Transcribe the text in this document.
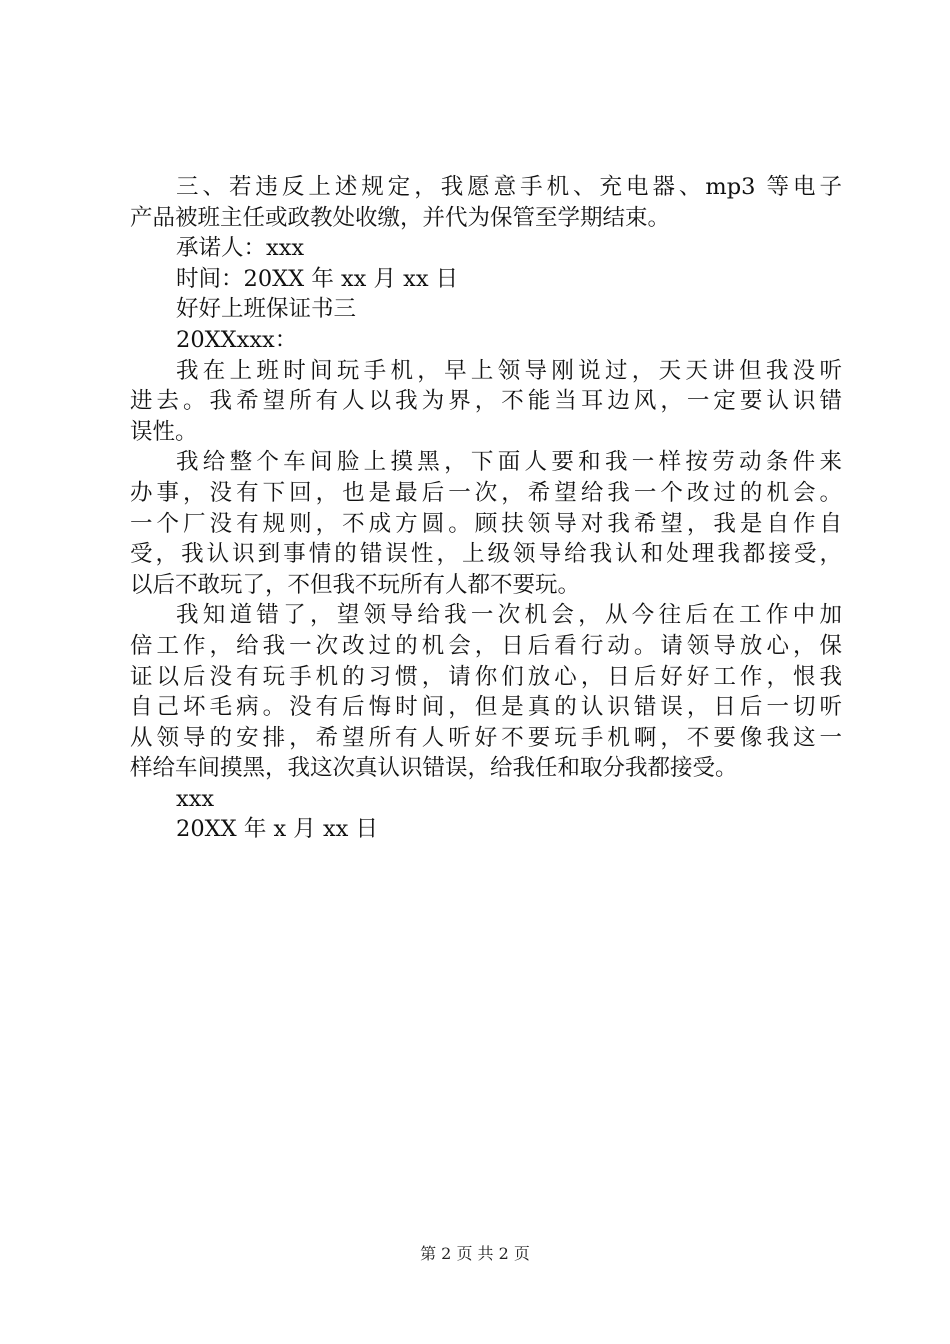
三、若违反上述规定，我愿意手机、充电器、mp3 等电子
产品被班主任或政教处收缴，并代为保管至学期结束。
承诺人：xxx
时间：20XX 年 xx 月 xx 日
好好上班保证书三
20XXxxx：
我在上班时间玩手机，早上领导刚说过，天天讲但我没听
进去。我希望所有人以我为界，不能当耳边风，一定要认识错
误性。
我给整个车间脸上摸黑，下面人要和我一样按劳动条件来
办事，没有下回，也是最后一次，希望给我一个改过的机会。
一个厂没有规则，不成方圆。顾扶领导对我希望，我是自作自
受，我认识到事情的错误性，上级领导给我认和处理我都接受，
以后不敢玩了，不但我不玩所有人都不要玩。
我知道错了，望领导给我一次机会，从今往后在工作中加
倍工作，给我一次改过的机会，日后看行动。请领导放心，保
证以后没有玩手机的习惯，请你们放心，日后好好工作，恨我
自己坏毛病。没有后悔时间，但是真的认识错误，日后一切听
从领导的安排，希望所有人听好不要玩手机啊，不要像我这一
样给车间摸黑，我这次真认识错误，给我任和取分我都接受。
xxx
20XX 年 x 月 xx 日
第 2 页 共 2 页
